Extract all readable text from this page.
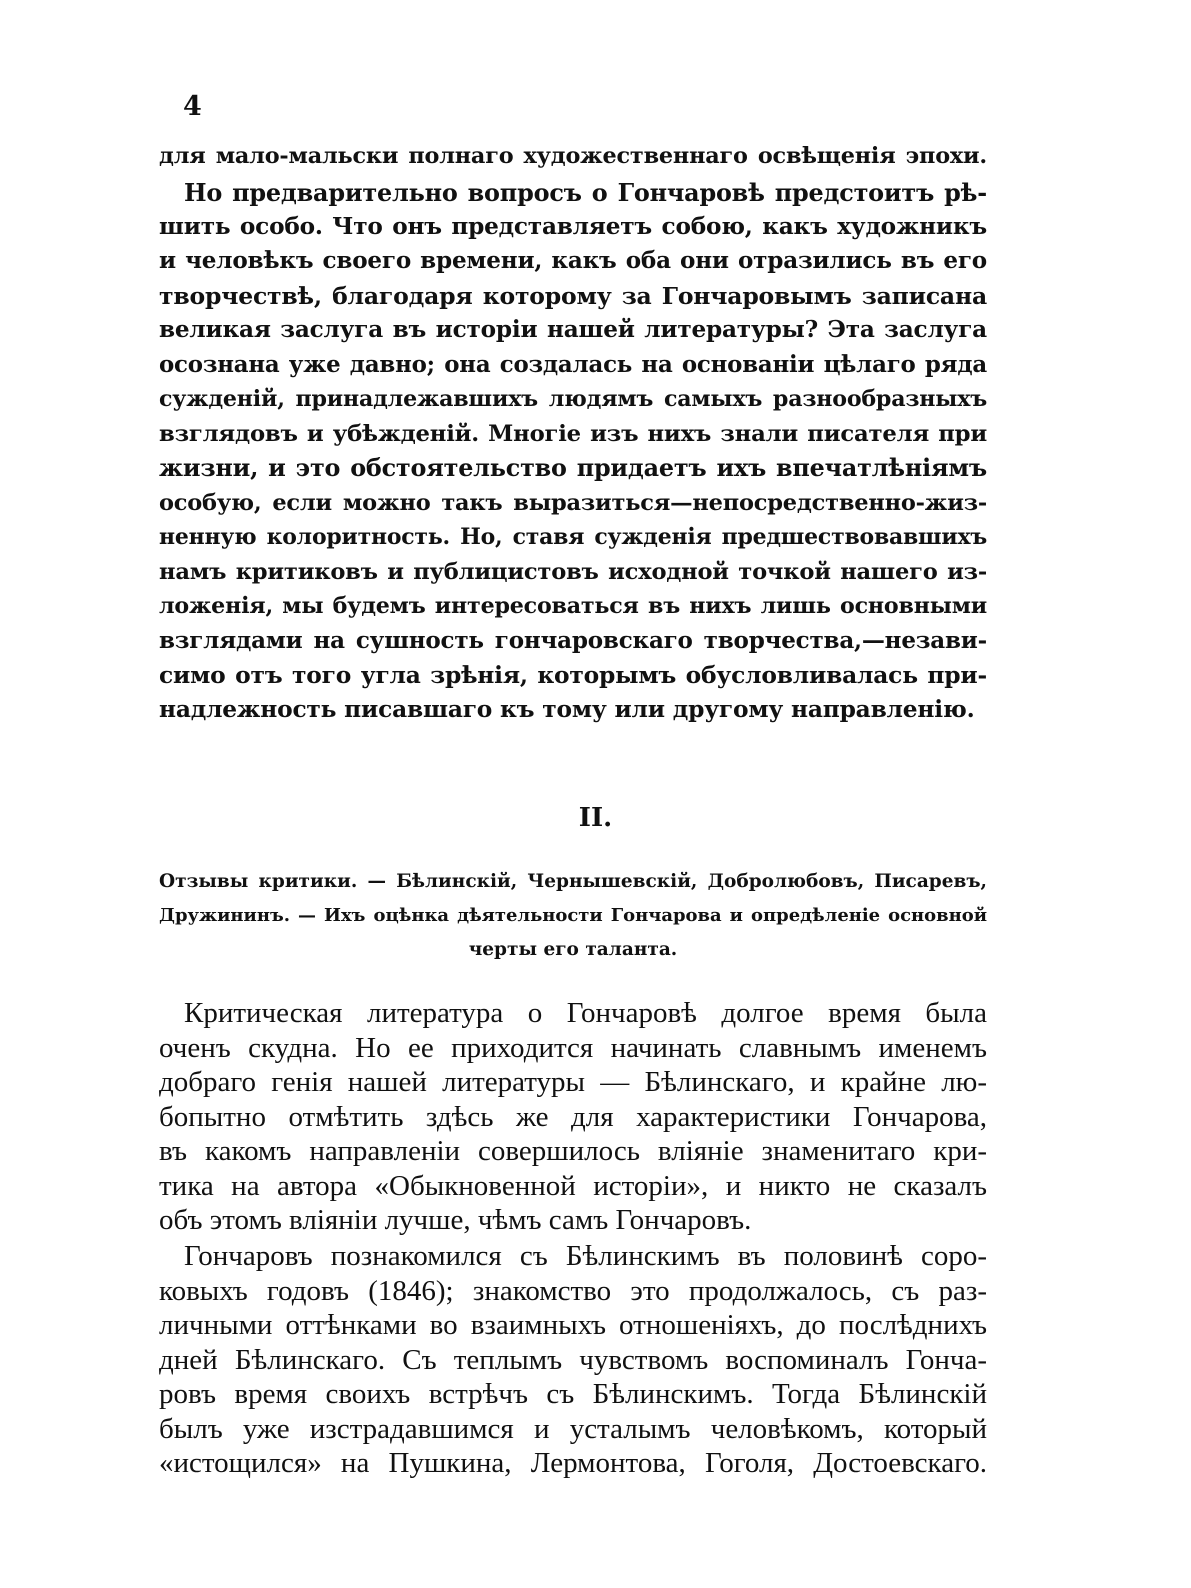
4
для мало-мальски полнаго художественнаго освѣщенія эпохи.
Но предварительно вопросъ о Гончаровѣ предстоитъ рѣ-
шить особо. Что онъ представляетъ собою, какъ художникъ
и человѣкъ своего времени, какъ оба они отразились въ его
творчествѣ, благодаря которому за Гончаровымъ записана
великая заслуга въ исторіи нашей литературы? Эта заслуга
осознана уже давно; она создалась на основаніи цѣлаго ряда
сужденій, принадлежавшихъ людямъ самыхъ разнообразныхъ
взглядовъ и убѣжденій. Многіе изъ нихъ знали писателя при
жизни, и это обстоятельство придаетъ ихъ впечатлѣніямъ
особую, если можно такъ выразиться—непосредственно-жиз-
ненную колоритность. Но, ставя сужденія предшествовавшихъ
намъ критиковъ и публицистовъ исходной точкой нашего из-
ложенія, мы будемъ интересоваться въ нихъ лишь основными
взглядами на сушность гончаровскаго творчества,—незави-
симо отъ того угла зрѣнія, которымъ обусловливалась при-
надлежность писавшаго къ тому или другому направленію.
II.
Отзывы критики. — Бѣлинскій, Чернышевскій, Добролюбовъ, Писаревъ,
Дружининъ. — Ихъ оцѣнка дѣятельности Гончарова и опредѣленіе основной
черты его таланта.
Критическая литература о Гончаровѣ долгое время была
оченъ скудна. Но ее приходится начинать славнымъ именемъ
добраго генія нашей литературы — Бѣлинскаго, и крайне лю-
бопытно отмѣтить здѣсь же для характеристики Гончарова,
въ какомъ направленіи совершилось вліяніе знаменитаго кри-
тика на автора «Обыкновенной исторіи», и никто не сказалъ
объ этомъ вліяніи лучше, чѣмъ самъ Гончаровъ.
Гончаровъ познакомился съ Бѣлинскимъ въ половинѣ соро-
ковыхъ годовъ (1846); знакомство это продолжалось, съ раз-
личными оттѣнками во взаимныхъ отношеніяхъ, до послѣднихъ
дней Бѣлинскаго. Съ теплымъ чувствомъ воспоминалъ Гонча-
ровъ время своихъ встрѣчъ съ Бѣлинскимъ. Тогда Бѣлинскій
былъ уже изстрадавшимся и усталымъ человѣкомъ, который
«истощился» на Пушкина, Лермонтова, Гоголя, Достоевскаго.
